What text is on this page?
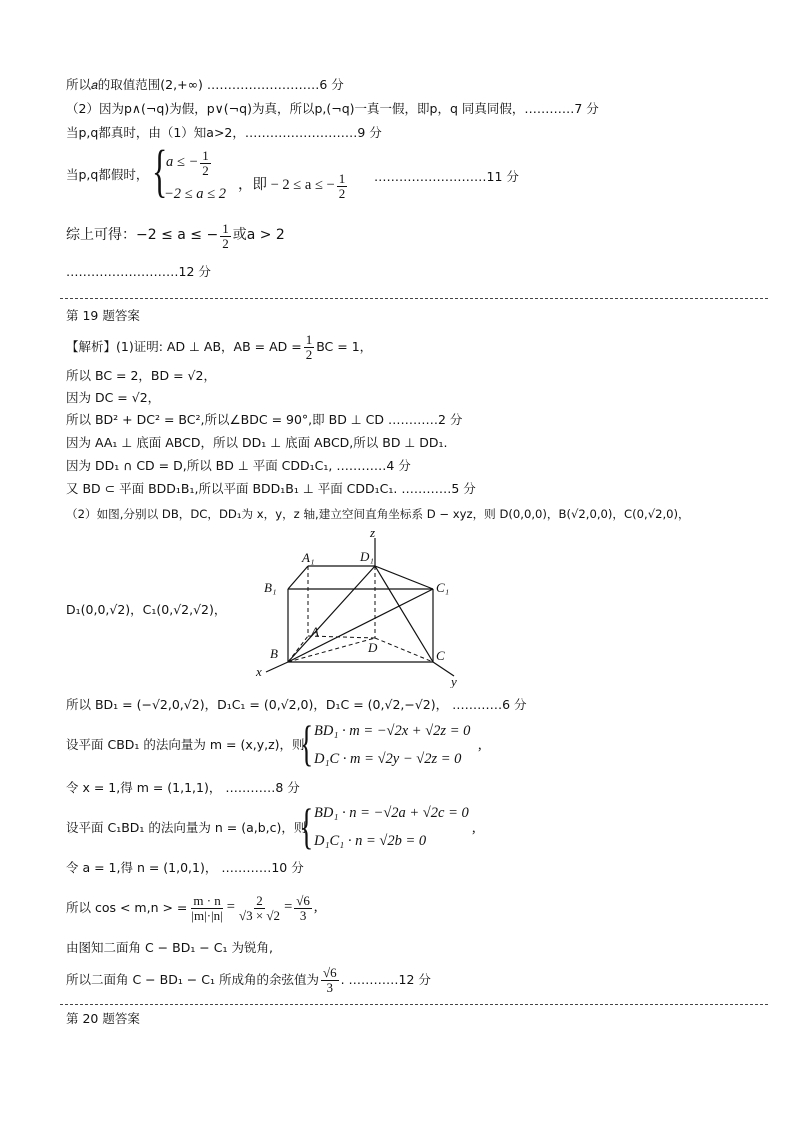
所以𝑎的取值范围(2,+∞) ………………………6 分
（2）因为p∧(¬q)为假，p∨(¬q)为真，所以p,(¬q)一真一假，即p，q 同真同假，…………7 分
当p,q都真时，由（1）知a>2，………………………9 分
当p,q都假时， {
a ≤ − $\frac{1}{2}$
−2 ≤ a ≤ 2
，即 − 2 ≤ a ≤ − $\frac{1}{2}$ ………………………11 分
综上可得：−2 ≤ a ≤ − $\frac{1}{2}$ 或a > 2
………………………12 分
第 19 题答案
【解析】(1)证明: AD ⊥ AB，AB = AD = $\frac{1}{2}$ BC = 1，
所以 BC = 2，BD = √2，
因为 DC = √2，
所以 BD² + DC² = BC²,所以∠BDC = 90°,即 BD ⊥ CD …………2 分
因为 AA₁ ⊥ 底面 ABCD，所以 DD₁ ⊥ 底面 ABCD,所以 BD ⊥ DD₁.
因为 DD₁ ∩ CD = D,所以 BD ⊥ 平面 CDD₁C₁, …………4 分
又 BD ⊂ 平面 BDD₁B₁,所以平面 BDD₁B₁ ⊥ 平面 CDD₁C₁. …………5 分
（2）如图,分别以 DB，DC，DD₁为 x，y，z 轴,建立空间直角坐标系 D − xyz，则 D(0,0,0)，B(√2,0,0)，C(0,√2,0)，
D₁(0,0,√2)，C₁(0,√2,√2)，
z
A₁	D₁
B₁	C₁
A
D
B	C
x
y
所以 BD₁ = (−√2,0,√2)，D₁C₁ = (0,√2,0)，D₁C = (0,√2,−√2)， …………6 分
设平面 CBD₁ 的法向量为 m = (x,y,z)，则
{ BD₁ · m = −√2x + √2z = 0
D₁C · m = √2y − √2z = 0
,
令 x = 1,得 m = (1,1,1)， …………8 分
设平面 C₁BD₁ 的法向量为 n = (a,b,c)，则
{ BD₁ · n = −√2a + √2c = 0
D₁C₁ · n = √2b = 0
,
令 a = 1,得 n = (1,0,1)， …………10 分
所以 cos < m,n > = $\frac{m \cdot n}{|m|\cdot|n|} = \frac{2}{√3 \times √2} = \frac{√6}{3}$ ,
由图知二面角 C − BD₁ − C₁ 为锐角,
所以二面角 C − BD₁ − C₁ 所成角的余弦值为 $\frac{√6}{3}$ . …………12 分
第 20 题答案
